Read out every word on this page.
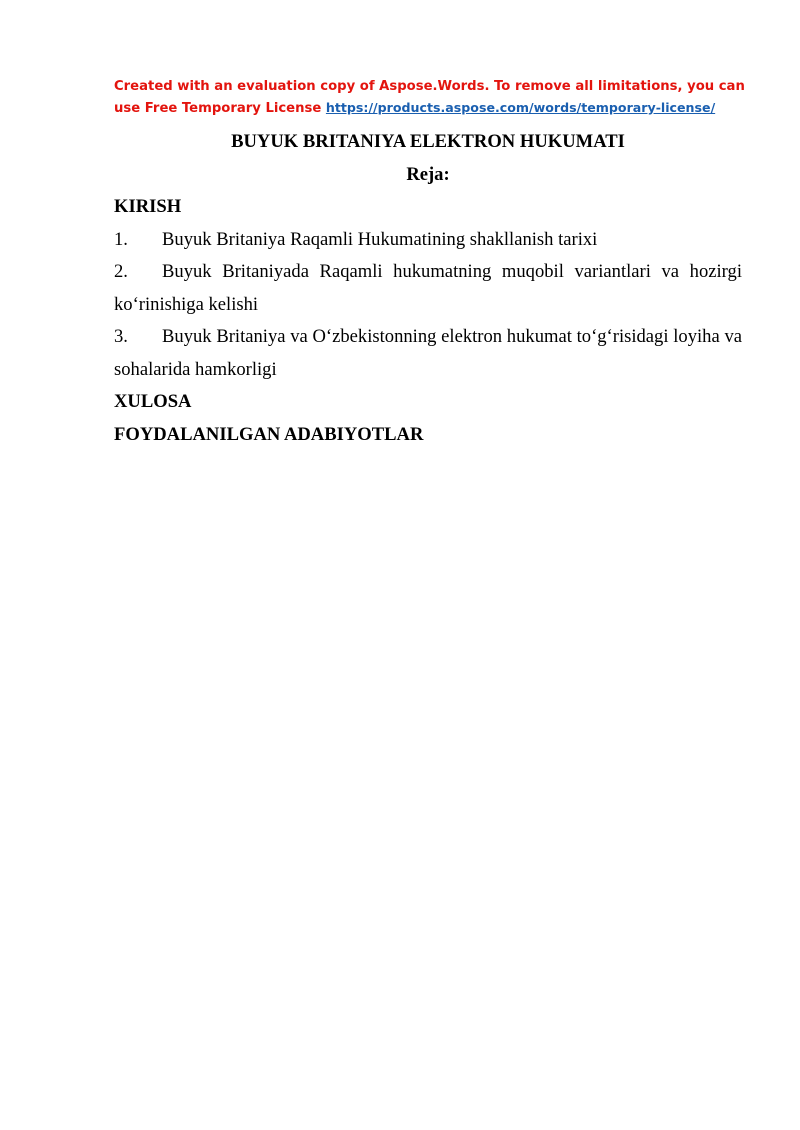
Created with an evaluation copy of Aspose.Words. To remove all limitations, you can use Free Temporary License https://products.aspose.com/words/temporary-license/

BUYUK BRITANIYA ELEKTRON HUKUMATI

Reja:

KIRISH

1. Buyuk Britaniya Raqamli Hukumatining shakllanish tarixi

2. Buyuk Britaniyada Raqamli hukumatning muqobil variantlari va hozirgi ko‘rinishiga kelishi

3. Buyuk Britaniya va O‘zbekistonning elektron hukumat to‘g‘risidagi loyiha va sohalarida hamkorligi

XULOSA

FOYDALANILGAN ADABIYOTLAR
